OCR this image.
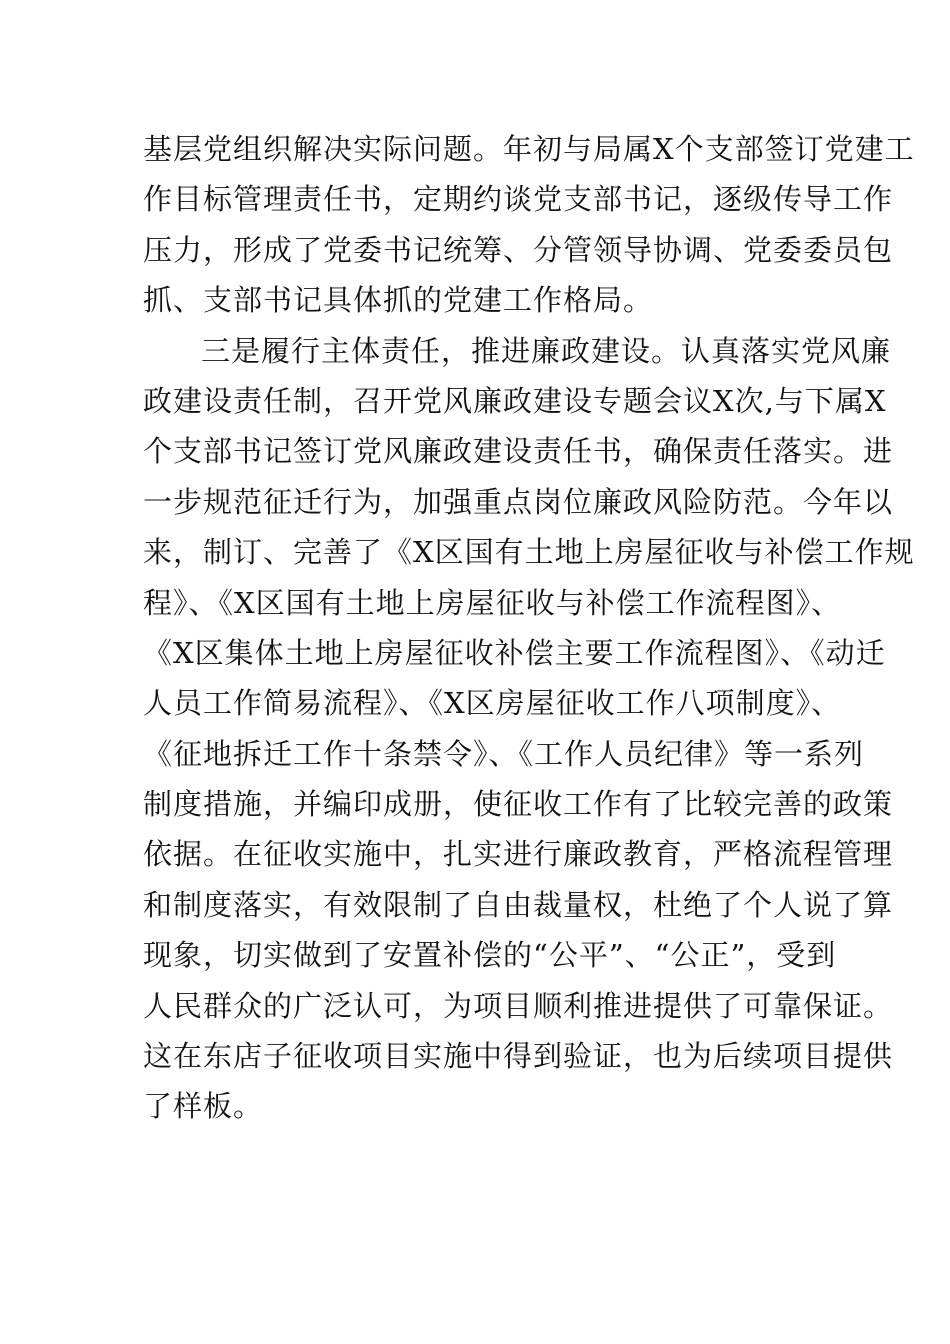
基层党组织解决实际问题。年初与局属X个支部签订党建工
作目标管理责任书，定期约谈党支部书记，逐级传导工作
压力，形成了党委书记统筹、分管领导协调、党委委员包
抓、支部书记具体抓的党建工作格局。
三是履行主体责任，推进廉政建设。认真落实党风廉
政建设责任制，召开党风廉政建设专题会议X次,与下属X
个支部书记签订党风廉政建设责任书，确保责任落实。进
一步规范征迁行为，加强重点岗位廉政风险防范。今年以
来，制订、完善了《X区国有土地上房屋征收与补偿工作规
程》、《X区国有土地上房屋征收与补偿工作流程图》、
《X区集体土地上房屋征收补偿主要工作流程图》、《动迁
人员工作简易流程》、《X区房屋征收工作八项制度》、
《征地拆迁工作十条禁令》、《工作人员纪律》等一系列
制度措施，并编印成册，使征收工作有了比较完善的政策
依据。在征收实施中，扎实进行廉政教育，严格流程管理
和制度落实，有效限制了自由裁量权，杜绝了个人说了算
现象，切实做到了安置补偿的“公平”、“公正”，受到
人民群众的广泛认可，为项目顺利推进提供了可靠保证。
这在东店子征收项目实施中得到验证，也为后续项目提供
了样板。
